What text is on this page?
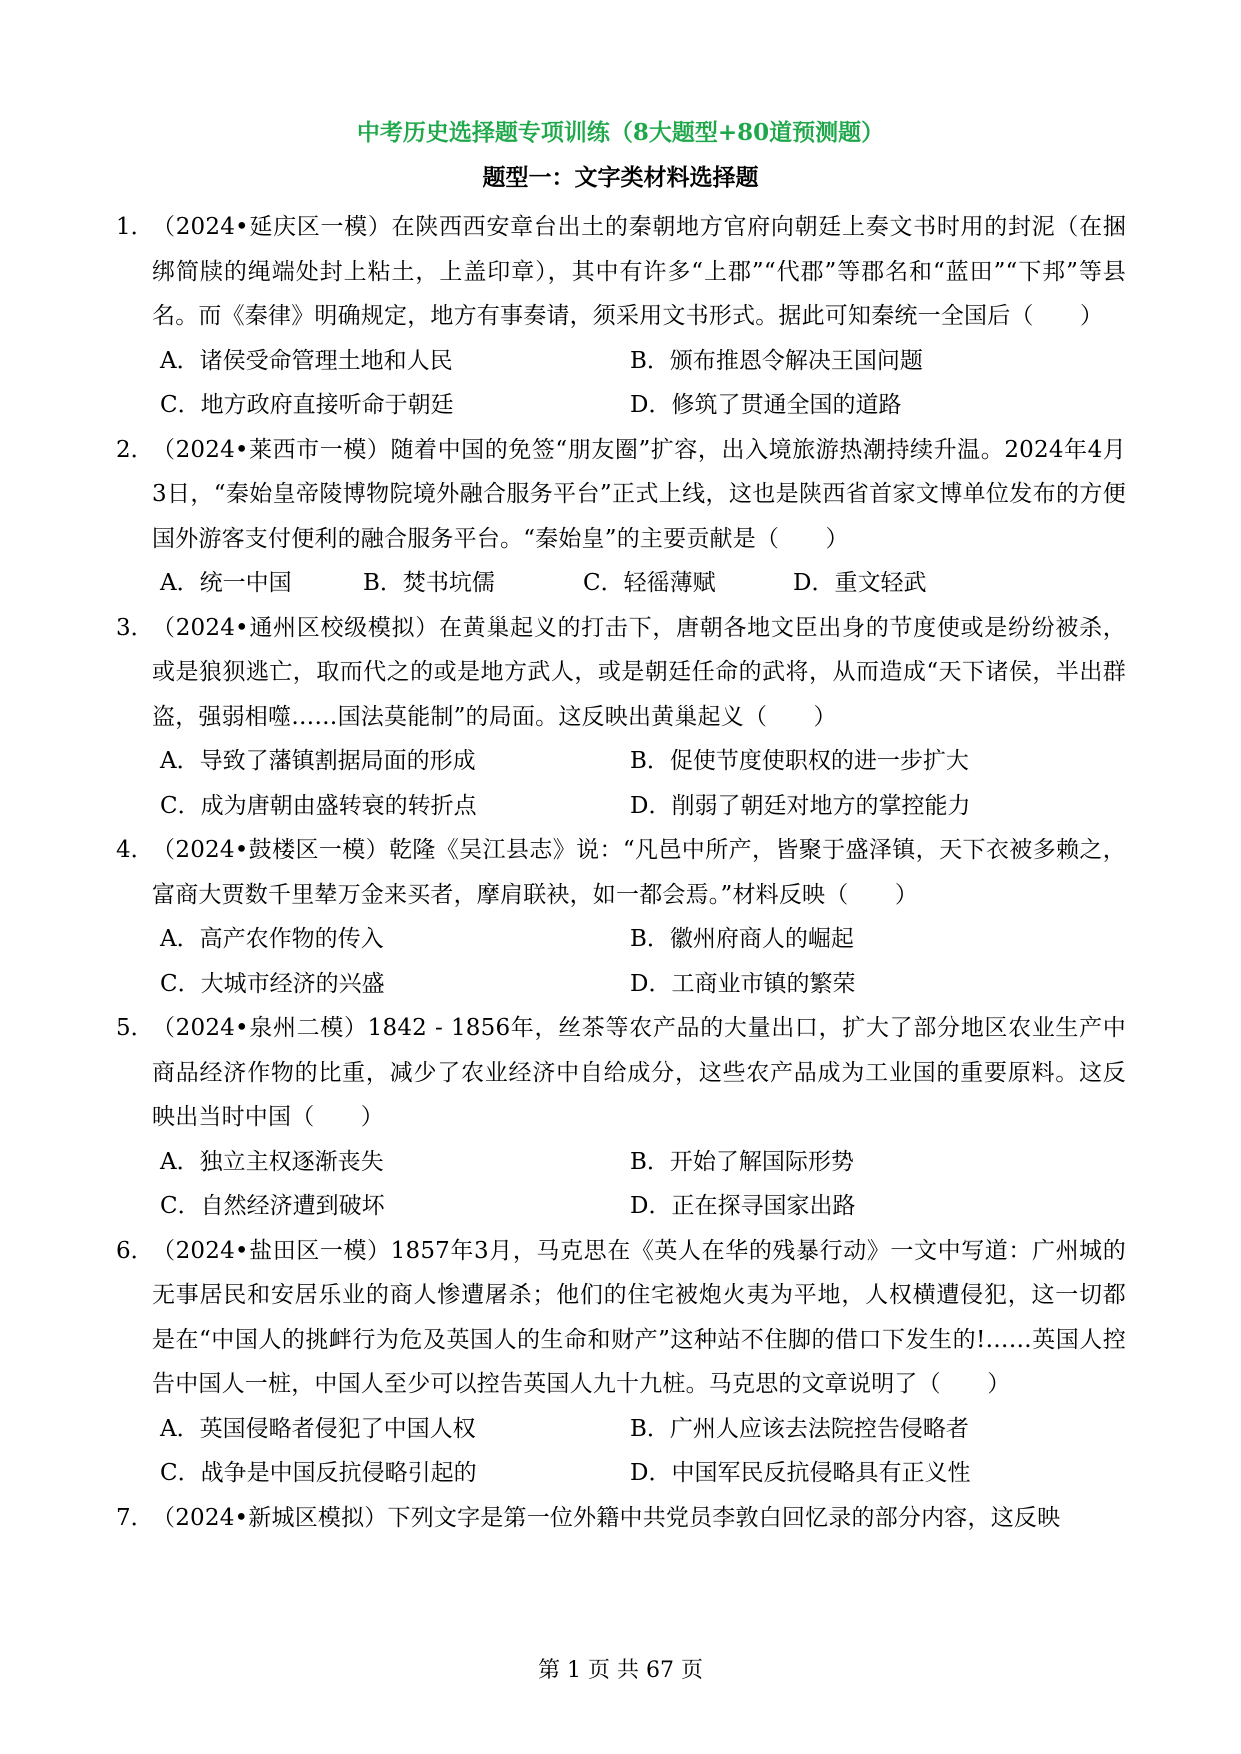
中考历史选择题专项训练（8大题型+80道预测题）
题型一：文字类材料选择题
1．
（2024•延庆区一模）在陕西西安章台出土的秦朝地方官府向朝廷上奏文书时用的封泥（在捆绑简牍的绳端处封上粘土，上盖印章），其中有许多“上郡”“代郡”等郡名和“蓝田”“下邦”等县名。而《秦律》明确规定，地方有事奏请，须采用文书形式。据此可知秦统一全国后（　　）
A．诸侯受命管理土地和人民	B．颁布推恩令解决王国问题
C．地方政府直接听命于朝廷	D．修筑了贯通全国的道路
2．
（2024•莱西市一模）随着中国的免签“朋友圈”扩容，出入境旅游热潮持续升温。2024年4月3日，“秦始皇帝陵博物院境外融合服务平台”正式上线，这也是陕西省首家文博单位发布的方便国外游客支付便利的融合服务平台。“秦始皇”的主要贡献是（　　）
A．统一中国	B．焚书坑儒	C．轻徭薄赋	D．重文轻武
3．
（2024•通州区校级模拟）在黄巢起义的打击下，唐朝各地文臣出身的节度使或是纷纷被杀，或是狼狈逃亡，取而代之的或是地方武人，或是朝廷任命的武将，从而造成“天下诸侯，半出群盗，强弱相噬……国法莫能制”的局面。这反映出黄巢起义（　　）
A．导致了藩镇割据局面的形成	B．促使节度使职权的进一步扩大
C．成为唐朝由盛转衰的转折点	D．削弱了朝廷对地方的掌控能力
4．
（2024•鼓楼区一模）乾隆《吴江县志》说：“凡邑中所产，皆聚于盛泽镇，天下衣被多赖之，富商大贾数千里辇万金来买者，摩肩联袂，如一都会焉。”材料反映（　　）
A．高产农作物的传入	B．徽州府商人的崛起
C．大城市经济的兴盛	D．工商业市镇的繁荣
5．
（2024•泉州二模）1842 - 1856年，丝茶等农产品的大量出口，扩大了部分地区农业生产中商品经济作物的比重，减少了农业经济中自给成分，这些农产品成为工业国的重要原料。这反映出当时中国（　　）
A．独立主权逐渐丧失	B．开始了解国际形势
C．自然经济遭到破坏	D．正在探寻国家出路
6．
（2024•盐田区一模）1857年3月，马克思在《英人在华的残暴行动》一文中写道：广州城的无事居民和安居乐业的商人惨遭屠杀；他们的住宅被炮火夷为平地，人权横遭侵犯，这一切都是在“中国人的挑衅行为危及英国人的生命和财产”这种站不住脚的借口下发生的!……英国人控告中国人一桩，中国人至少可以控告英国人九十九桩。马克思的文章说明了（　　）
A．英国侵略者侵犯了中国人权	B．广州人应该去法院控告侵略者
C．战争是中国反抗侵略引起的	D．中国军民反抗侵略具有正义性
7．
（2024•新城区模拟）下列文字是第一位外籍中共党员李敦白回忆录的部分内容，这反映
第 1 页 共 67 页
